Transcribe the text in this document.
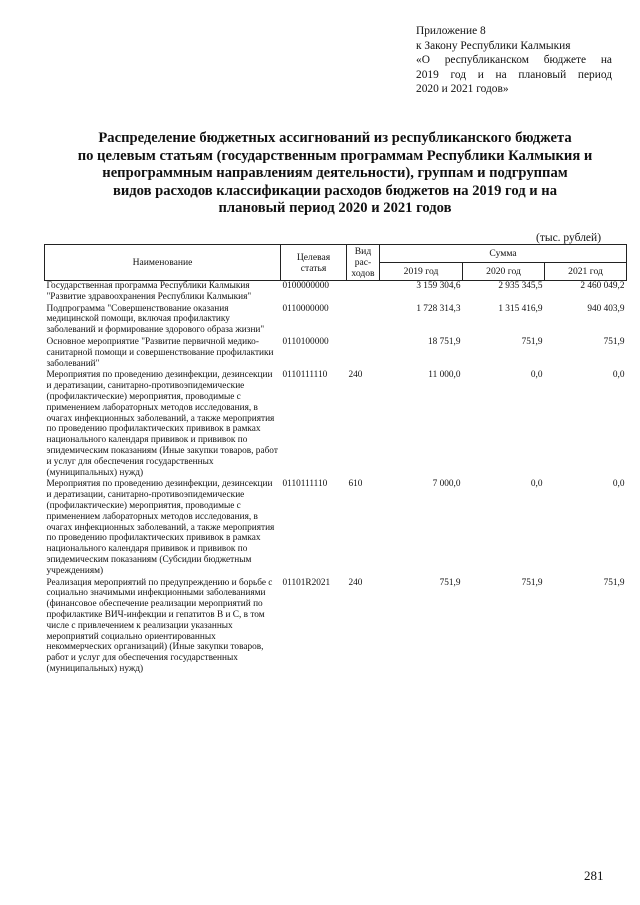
Приложение 8
к Закону Республики Калмыкия
«О республиканском бюджете на
2019 год и на плановый период
2020 и 2021 годов»
Распределение бюджетных ассигнований из республиканского бюджета
по целевым статьям (государственным программам Республики Калмыкия и
непрограммным направлениям деятельности), группам и подгруппам
видов расходов классификации расходов бюджетов на 2019 год и на
плановый период 2020 и 2021 годов
(тыс. рублей)
Наименование	Целевая статья	Вид рас-ходов	Сумма		
			2019 год	2020 год	2021 год
Государственная программа Республики Калмыкия "Развитие здравоохранения Республики Калмыкия"	0100000000		3 159 304,6	2 935 345,5	2 460 049,2
Подпрограмма "Совершенствование оказания медицинской помощи, включая профилактику заболеваний и формирование здорового образа жизни"	0110000000		1 728 314,3	1 315 416,9	940 403,9
Основное мероприятие "Развитие первичной медико-санитарной помощи и совершенствование профилактики заболеваний"	0110100000		18 751,9	751,9	751,9
Мероприятия по проведению дезинфекции, дезинсекции и дератизации, санитарно-противоэпидемические (профилактические) мероприятия, проводимые с применением лабораторных методов исследования, в очагах инфекционных заболеваний, а также мероприятия по проведению профилактических прививок в рамках национального календаря прививок и прививок по эпидемическим показаниям (Иные закупки товаров, работ и услуг для обеспечения государственных (муниципальных) нужд)	0110111110	240	11 000,0	0,0	0,0
Мероприятия по проведению дезинфекции, дезинсекции и дератизации, санитарно-противоэпидемические (профилактические) мероприятия, проводимые с применением лабораторных методов исследования, в очагах инфекционных заболеваний, а также мероприятия по проведению профилактических прививок в рамках национального календаря прививок и прививок по эпидемическим показаниям (Субсидии бюджетным учреждениям)	0110111110	610	7 000,0	0,0	0,0
Реализация мероприятий по предупреждению и борьбе с социально значимыми инфекционными заболеваниями (финансовое обеспечение реализации мероприятий по профилактике ВИЧ-инфекции и гепатитов В и С, в том числе с привлечением к реализации указанных мероприятий социально ориентированных некоммерческих организаций) (Иные закупки товаров, работ и услуг для обеспечения государственных (муниципальных) нужд)	01101R2021	240	751,9	751,9	751,9
281
